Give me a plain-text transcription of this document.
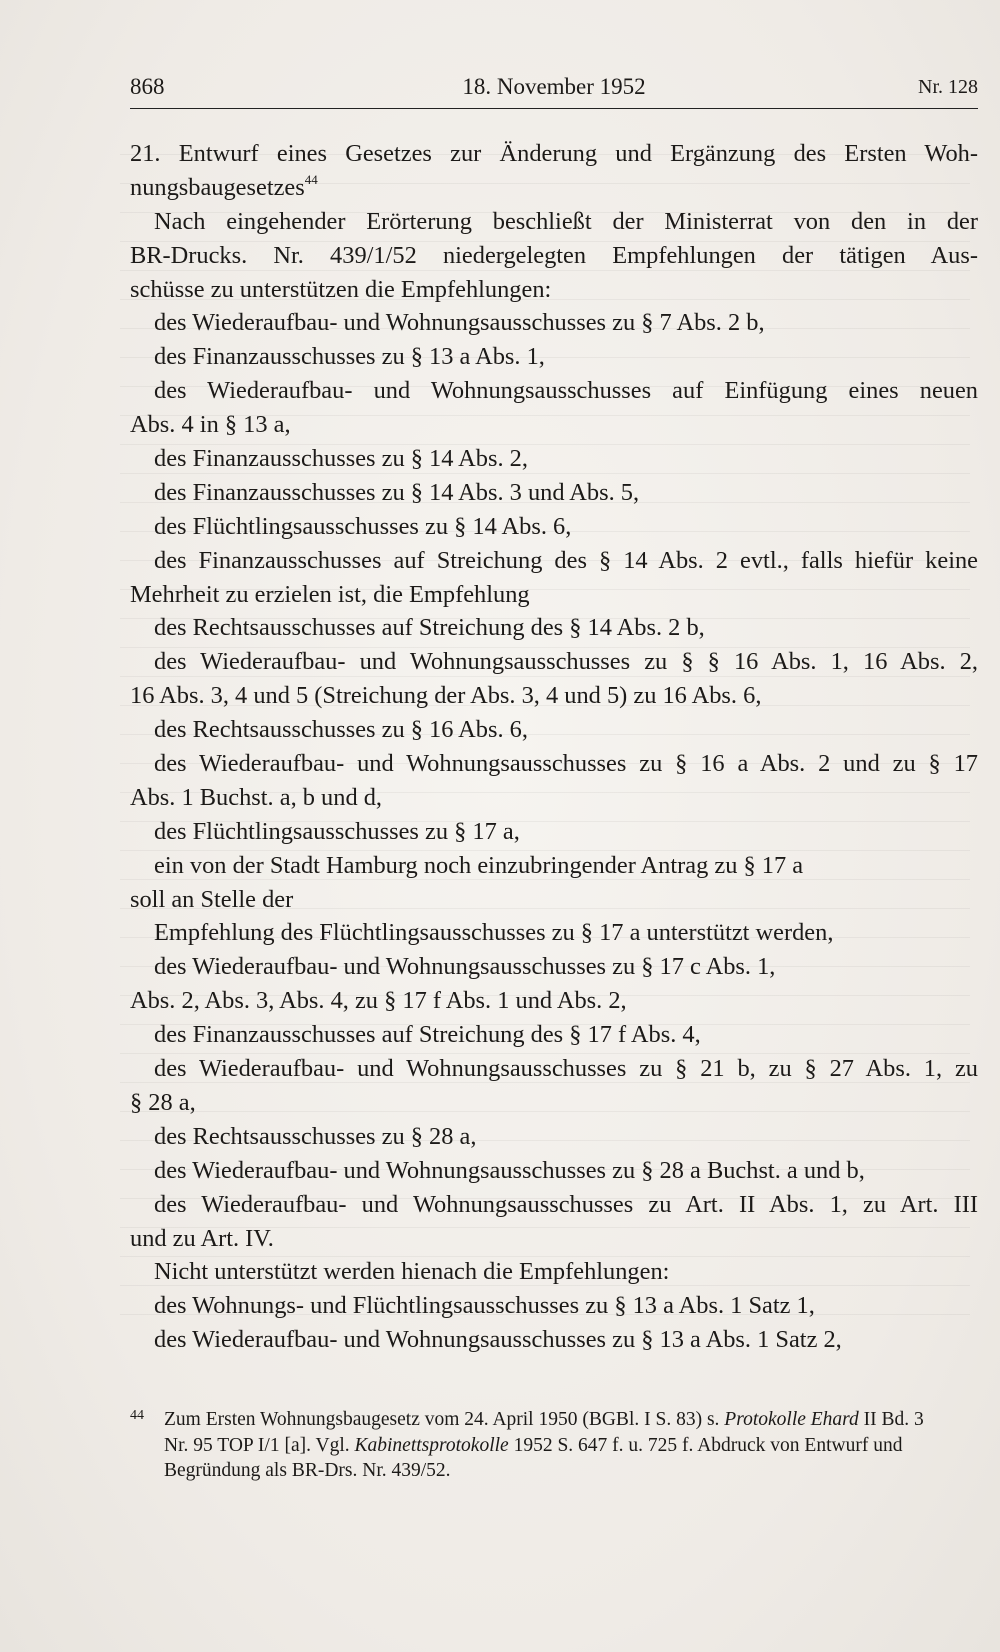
868	18. November 1952	Nr. 128
21. Entwurf eines Gesetzes zur Änderung und Ergänzung des Ersten Woh-
nungsbaugesetzes$^{44}$
Nach eingehender Erörterung beschließt der Ministerrat von den in der
BR-Drucks. Nr. 439/1/52 niedergelegten Empfehlungen der tätigen Aus-
schüsse zu unterstützen die Empfehlungen:
des Wiederaufbau- und Wohnungsausschusses zu § 7 Abs. 2 b,
des Finanzausschusses zu § 13 a Abs. 1,
des Wiederaufbau- und Wohnungsausschusses auf Einfügung eines neuen
Abs. 4 in § 13 a,
des Finanzausschusses zu § 14 Abs. 2,
des Finanzausschusses zu § 14 Abs. 3 und Abs. 5,
des Flüchtlingsausschusses zu § 14 Abs. 6,
des Finanzausschusses auf Streichung des § 14 Abs. 2 evtl., falls hiefür keine
Mehrheit zu erzielen ist, die Empfehlung
des Rechtsausschusses auf Streichung des § 14 Abs. 2 b,
des Wiederaufbau- und Wohnungsausschusses zu § § 16 Abs. 1, 16 Abs. 2,
16 Abs. 3, 4 und 5 (Streichung der Abs. 3, 4 und 5) zu 16 Abs. 6,
des Rechtsausschusses zu § 16 Abs. 6,
des Wiederaufbau- und Wohnungsausschusses zu § 16 a Abs. 2 und zu § 17
Abs. 1 Buchst. a, b und d,
des Flüchtlingsausschusses zu § 17 a,
ein von der Stadt Hamburg noch einzubringender Antrag zu § 17 a
soll an Stelle der
Empfehlung des Flüchtlingsausschusses zu § 17 a unterstützt werden,
des Wiederaufbau- und Wohnungsausschusses zu § 17 c Abs. 1,
Abs. 2, Abs. 3, Abs. 4, zu § 17 f Abs. 1 und Abs. 2,
des Finanzausschusses auf Streichung des § 17 f Abs. 4,
des Wiederaufbau- und Wohnungsausschusses zu § 21 b, zu § 27 Abs. 1, zu
§ 28 a,
des Rechtsausschusses zu § 28 a,
des Wiederaufbau- und Wohnungsausschusses zu § 28 a Buchst. a und b,
des Wiederaufbau- und Wohnungsausschusses zu Art. II Abs. 1, zu Art. III
und zu Art. IV.
Nicht unterstützt werden hienach die Empfehlungen:
des Wohnungs- und Flüchtlingsausschusses zu § 13 a Abs. 1 Satz 1,
des Wiederaufbau- und Wohnungsausschusses zu § 13 a Abs. 1 Satz 2,
44 Zum Ersten Wohnungsbaugesetz vom 24. April 1950 (BGBl. I S. 83) s. Protokolle Ehard II Bd. 3
Nr. 95 TOP I/1 [a]. Vgl. Kabinettsprotokolle 1952 S. 647 f. u. 725 f. Abdruck von Entwurf und
Begründung als BR-Drs. Nr. 439/52.
